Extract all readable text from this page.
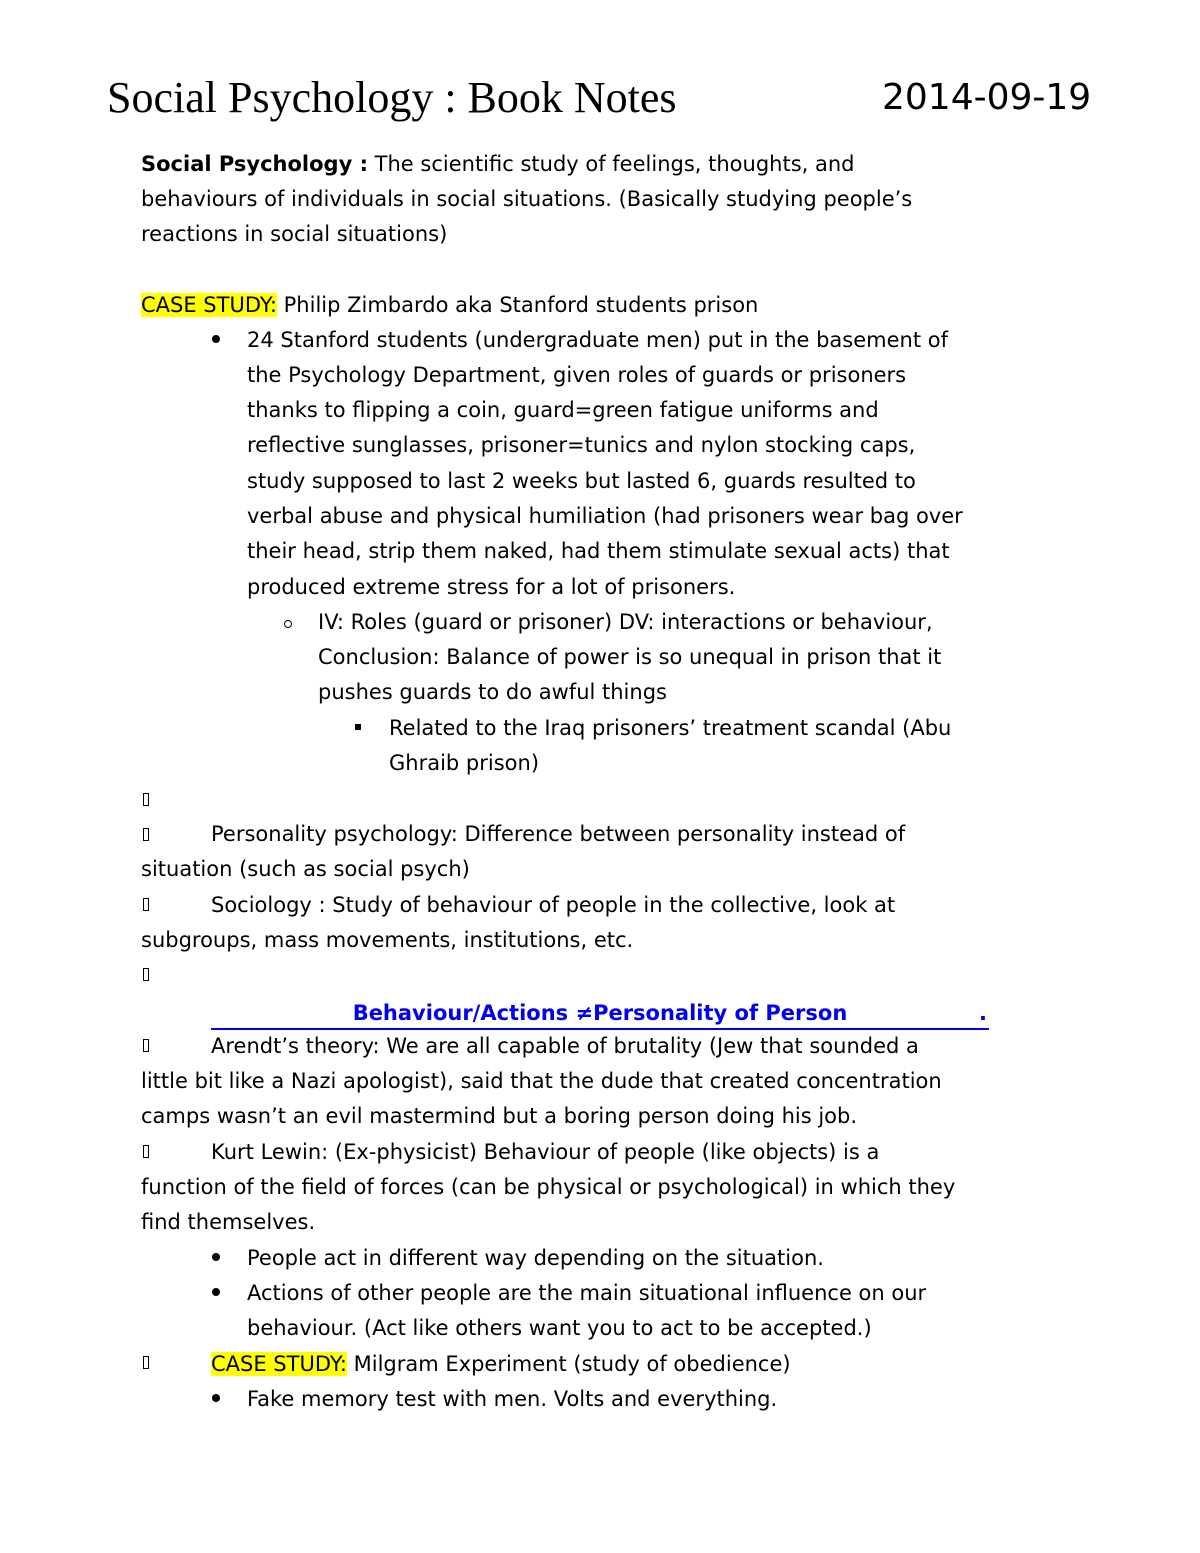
Social Psychology : Book Notes	2014-09-19

Social Psychology : The scientific study of feelings, thoughts, and

behaviours of individuals in social situations. (Basically studying people’s

reactions in social situations)

CASE STUDY: Philip Zimbardo aka Stanford students prison

24 Stanford students (undergraduate men) put in the basement of

the Psychology Department, given roles of guards or prisoners

thanks to flipping a coin, guard=green fatigue uniforms and

reflective sunglasses, prisoner=tunics and nylon stocking caps,

study supposed to last 2 weeks but lasted 6, guards resulted to

verbal abuse and physical humiliation (had prisoners wear bag over

their head, strip them naked, had them stimulate sexual acts) that

produced extreme stress for a lot of prisoners.

IV: Roles (guard or prisoner) DV: interactions or behaviour,

Conclusion: Balance of power is so unequal in prison that it

pushes guards to do awful things

Related to the Iraq prisoners’ treatment scandal (Abu

Ghraib prison)

Personality psychology: Difference between personality instead of

situation (such as social psych)

Sociology : Study of behaviour of people in the collective, look at

subgroups, mass movements, institutions, etc.

Behaviour/Actions ≠Personality of Person	.

Arendt’s theory: We are all capable of brutality (Jew that sounded a

little bit like a Nazi apologist), said that the dude that created concentration

camps wasn’t an evil mastermind but a boring person doing his job.

Kurt Lewin: (Ex-physicist) Behaviour of people (like objects) is a

function of the field of forces (can be physical or psychological) in which they

find themselves.

People act in different way depending on the situation.

Actions of other people are the main situational influence on our

behaviour. (Act like others want you to act to be accepted.)

CASE STUDY: Milgram Experiment (study of obedience)

Fake memory test with men. Volts and everything.
